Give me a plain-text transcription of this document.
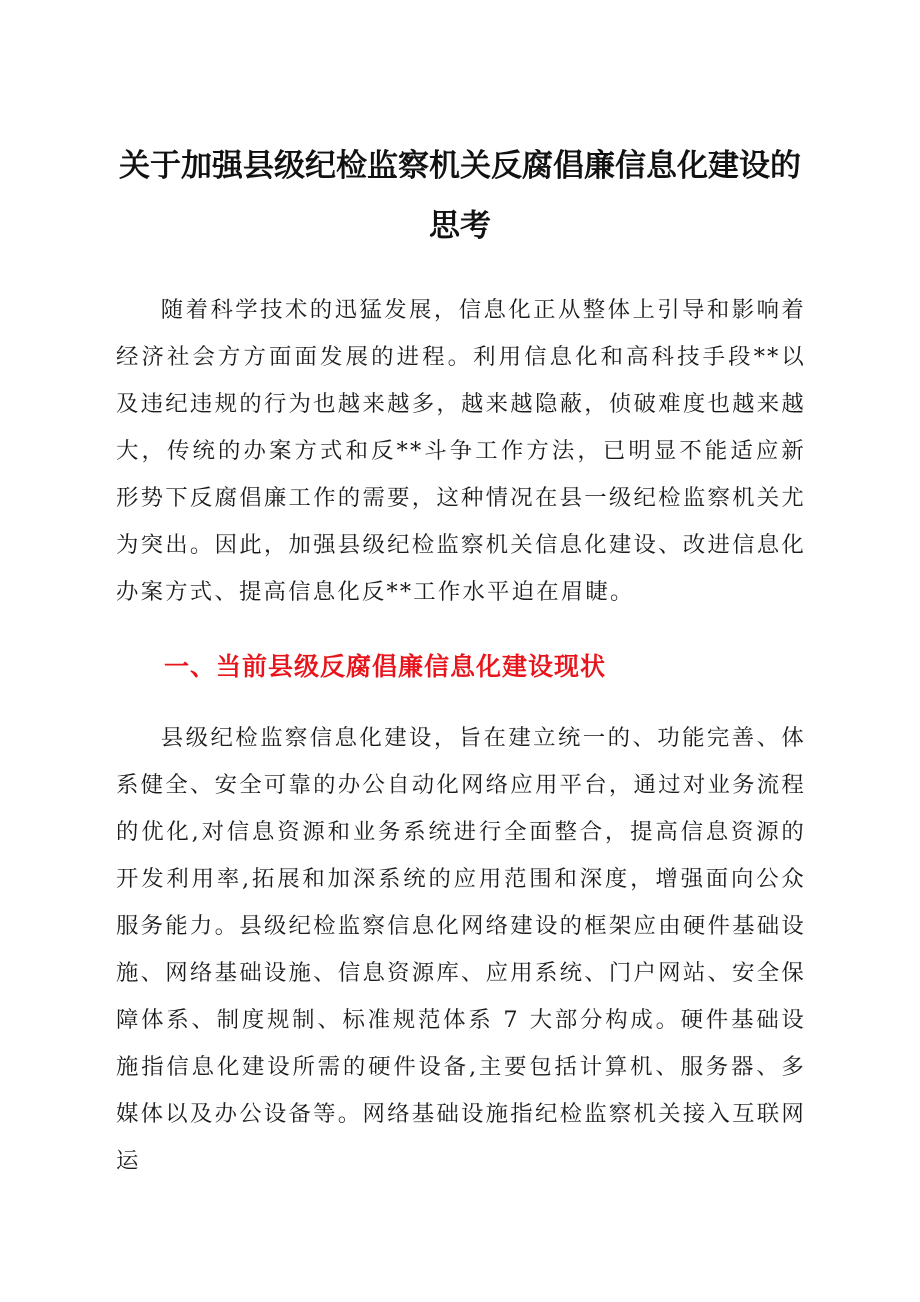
关于加强县级纪检监察机关反腐倡廉信息化建设的
思考

随着科学技术的迅猛发展，信息化正从整体上引导和影响着经济社会方方面面发展的进程。利用信息化和高科技手段**以及违纪违规的行为也越来越多，越来越隐蔽，侦破难度也越来越大，传统的办案方式和反**斗争工作方法，已明显不能适应新形势下反腐倡廉工作的需要，这种情况在县一级纪检监察机关尤为突出。因此，加强县级纪检监察机关信息化建设、改进信息化办案方式、提高信息化反**工作水平迫在眉睫。

一、当前县级反腐倡廉信息化建设现状

县级纪检监察信息化建设，旨在建立统一的、功能完善、体系健全、安全可靠的办公自动化网络应用平台，通过对业务流程的优化,对信息资源和业务系统进行全面整合，提高信息资源的开发利用率,拓展和加深系统的应用范围和深度，增强面向公众服务能力。县级纪检监察信息化网络建设的框架应由硬件基础设施、网络基础设施、信息资源库、应用系统、门户网站、安全保障体系、制度规制、标准规范体系 7 大部分构成。硬件基础设施指信息化建设所需的硬件设备,主要包括计算机、服务器、多媒体以及办公设备等。网络基础设施指纪检监察机关接入互联网运
